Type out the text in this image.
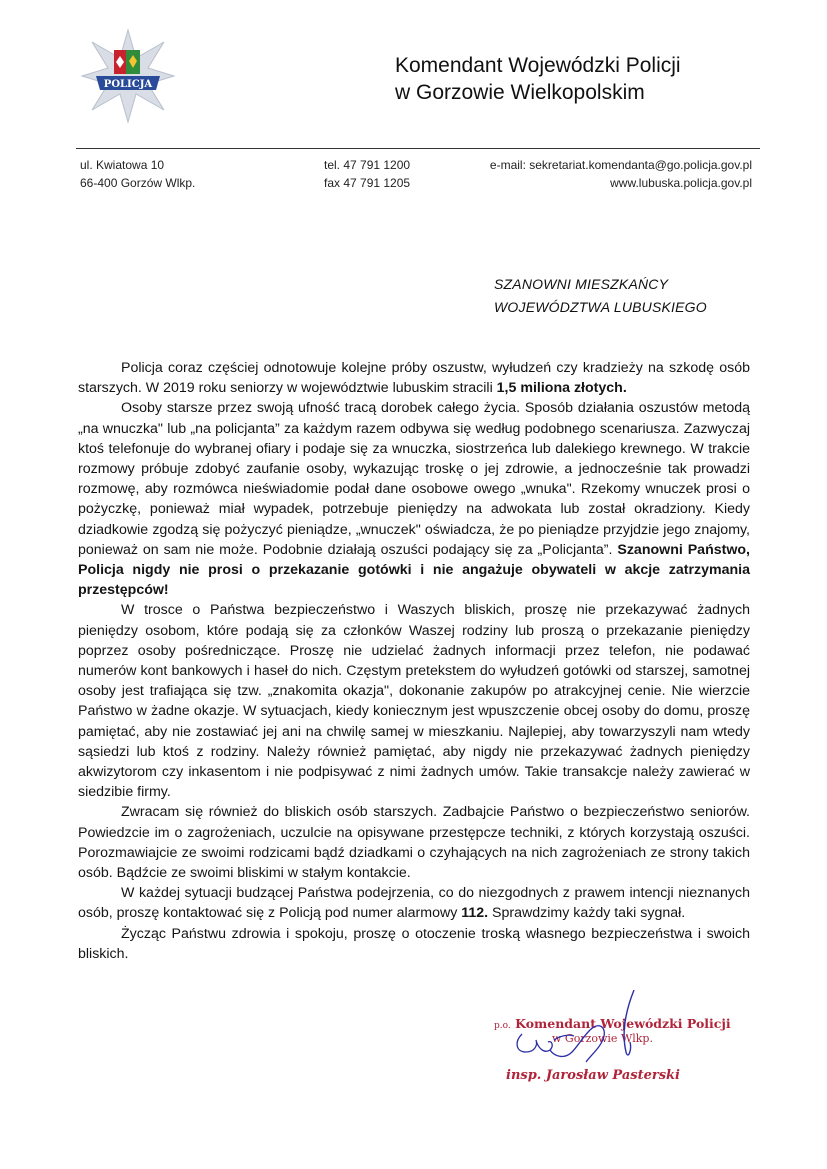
POLICJA
Komendant Wojewódzki Policji
w Gorzowie Wielkopolskim
ul. Kwiatowa 10
66-400 Gorzów Wlkp.
tel. 47 791 1200
fax 47 791 1205
e-mail: sekretariat.komendanta@go.policja.gov.pl
www.lubuska.policja.gov.pl
SZANOWNI MIESZKAŃCY
WOJEWÓDZTWA LUBUSKIEGO

Policja coraz częściej odnotowuje kolejne próby oszustw, wyłudzeń czy kradzieży na szkodę osób starszych. W 2019 roku seniorzy w województwie lubuskim stracili 1,5 miliona złotych.

Osoby starsze przez swoją ufność tracą dorobek całego życia. Sposób działania oszustów metodą „na wnuczka" lub „na policjanta” za każdym razem odbywa się według podobnego scenariusza. Zazwyczaj ktoś telefonuje do wybranej ofiary i podaje się za wnuczka, siostrzeńca lub dalekiego krewnego. W trakcie rozmowy próbuje zdobyć zaufanie osoby, wykazując troskę o jej zdrowie, a jednocześnie tak prowadzi rozmowę, aby rozmówca nieświadomie podał dane osobowe owego „wnuka". Rzekomy wnuczek prosi o pożyczkę, ponieważ miał wypadek, potrzebuje pieniędzy na adwokata lub został okradziony. Kiedy dziadkowie zgodzą się pożyczyć pieniądze, „wnuczek" oświadcza, że po pieniądze przyjdzie jego znajomy, ponieważ on sam nie może. Podobnie działają oszuści podający się za „Policjanta”. Szanowni Państwo, Policja nigdy nie prosi o przekazanie gotówki i nie angażuje obywateli w akcje zatrzymania przestępców!

W trosce o Państwa bezpieczeństwo i Waszych bliskich, proszę nie przekazywać żadnych pieniędzy osobom, które podają się za członków Waszej rodziny lub proszą o przekazanie pieniędzy poprzez osoby pośredniczące. Proszę nie udzielać żadnych informacji przez telefon, nie podawać numerów kont bankowych i haseł do nich. Częstym pretekstem do wyłudzeń gotówki od starszej, samotnej osoby jest trafiająca się tzw. „znakomita okazja", dokonanie zakupów po atrakcyjnej cenie. Nie wierzcie Państwo w żadne okazje. W sytuacjach, kiedy koniecznym jest wpuszczenie obcej osoby do domu, proszę pamiętać, aby nie zostawiać jej ani na chwilę samej w mieszkaniu. Najlepiej, aby towarzyszyli nam wtedy sąsiedzi lub ktoś z rodziny. Należy również pamiętać, aby nigdy nie przekazywać żadnych pieniędzy akwizytorom czy inkasentom i nie podpisywać z nimi żadnych umów. Takie transakcje należy zawierać w siedzibie firmy.

Zwracam się również do bliskich osób starszych. Zadbajcie Państwo o bezpieczeństwo seniorów. Powiedzcie im o zagrożeniach, uczulcie na opisywane przestępcze techniki, z których korzystają oszuści. Porozmawiajcie ze swoimi rodzicami bądź dziadkami o czyhających na nich zagrożeniach ze strony takich osób. Bądźcie ze swoimi bliskimi w stałym kontakcie.

W każdej sytuacji budzącej Państwa podejrzenia, co do niezgodnych z prawem intencji nieznanych osób, proszę kontaktować się z Policją pod numer alarmowy 112. Sprawdzimy każdy taki sygnał.

Życząc Państwu zdrowia i spokoju, proszę o otoczenie troską własnego bezpieczeństwa i swoich bliskich.

p.o. Komendant Wojewódzki Policji
w Gorzowie Wlkp.
insp. Jarosław Pasterski
